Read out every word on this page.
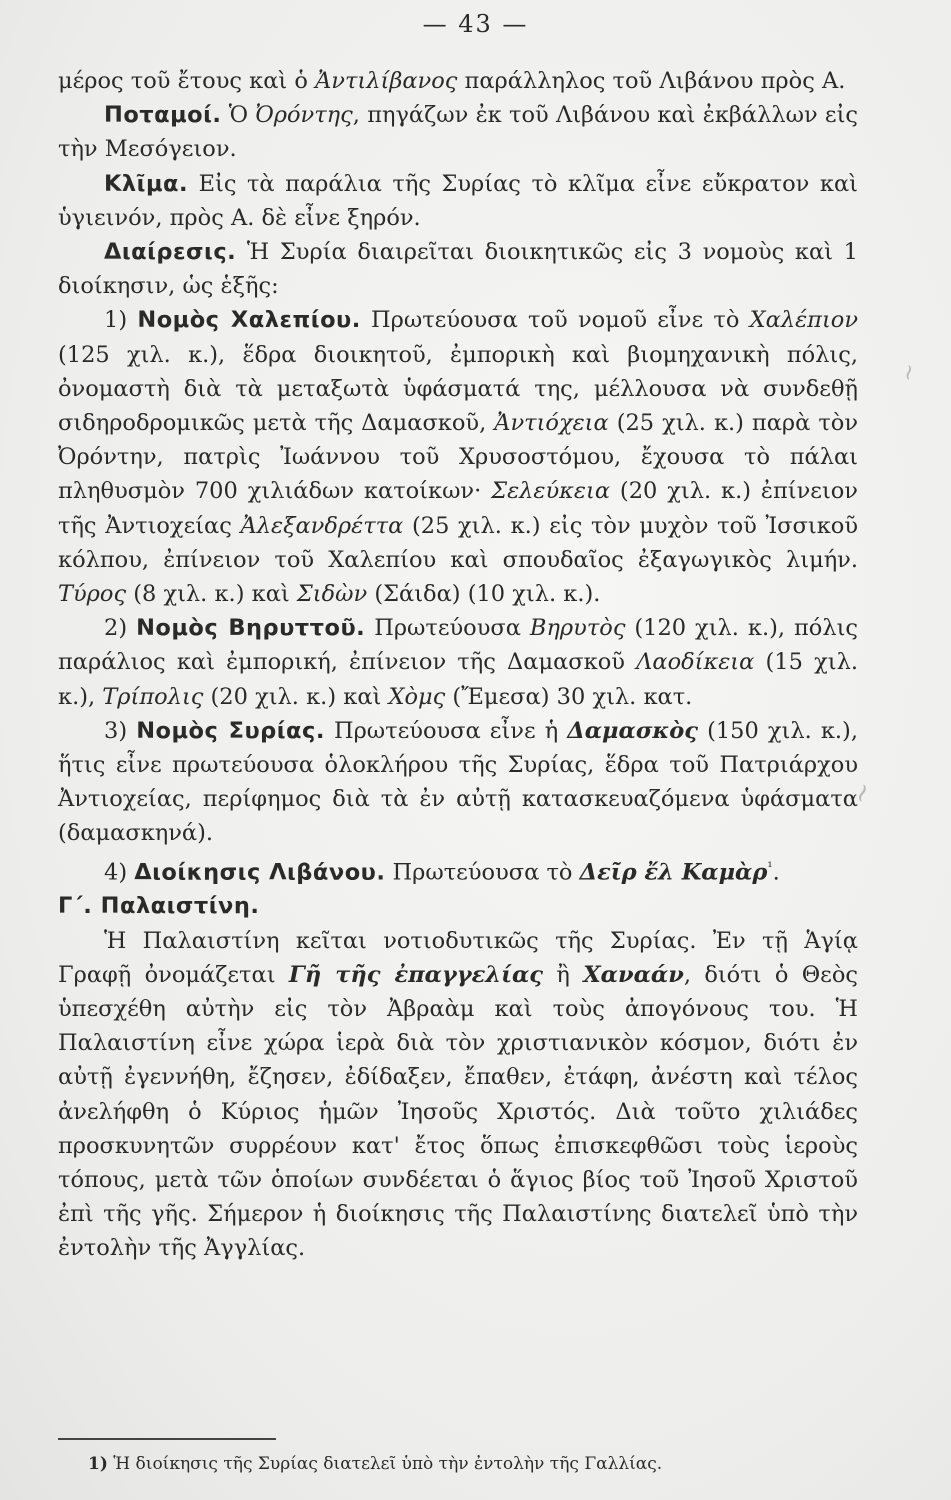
— 43 —

μέρος τοῦ ἔτους καὶ ὁ Ἀντιλίβανος παράλληλος τοῦ Λιβάνου πρὸς Α.

Ποταμοί. Ὁ Ὀρόντης, πηγάζων ἐκ τοῦ Λιβάνου καὶ ἐκβάλλων εἰς τὴν Μεσόγειον.

Κλῖμα. Εἰς τὰ παράλια τῆς Συρίας τὸ κλῖμα εἶνε εὔκρατον καὶ ὑγιεινόν, πρὸς Α. δὲ εἶνε ξηρόν.

Διαίρεσις. Ἡ Συρία διαιρεῖται διοικητικῶς εἰς 3 νομοὺς καὶ 1 διοίκησιν, ὡς ἑξῆς:

1) Νομὸς Χαλεπίου. Πρωτεύουσα τοῦ νομοῦ εἶνε τὸ Χαλέπιον (125 χιλ. κ.), ἕδρα διοικητοῦ, ἐμπορικὴ καὶ βιομηχανικὴ πόλις, ὀνομαστὴ διὰ τὰ μεταξωτὰ ὑφάσματά της, μέλλουσα νὰ συνδεθῇ σιδηροδρομικῶς μετὰ τῆς Δαμασκοῦ, Ἀντιόχεια (25 χιλ. κ.) παρὰ τὸν Ὀρόντην, πατρὶς Ἰωάννου τοῦ Χρυσοστόμου, ἔχουσα τὸ πάλαι πληθυσμὸν 700 χιλιάδων κατοίκων· Σελεύκεια (20 χιλ. κ.) ἐπίνειον τῆς Ἀντιοχείας Ἀλεξανδρέττα (25 χιλ. κ.) εἰς τὸν μυχὸν τοῦ Ἰσσικοῦ κόλπου, ἐπίνειον τοῦ Χαλεπίου καὶ σπουδαῖος ἐξαγωγικὸς λιμήν. Τύρος (8 χιλ. κ.) καὶ Σιδὼν (Σάιδα) (10 χιλ. κ.).

2) Νομὸς Βηρυττοῦ. Πρωτεύουσα Βηρυτὸς (120 χιλ. κ.), πόλις παράλιος καὶ ἐμπορική, ἐπίνειον τῆς Δαμασκοῦ Λαοδίκεια (15 χιλ. κ.), Τρίπολις (20 χιλ. κ.) καὶ Χὸμς (Ἔμεσα) 30 χιλ. κατ.

3) Νομὸς Συρίας. Πρωτεύουσα εἶνε ἡ Δαμασκὸς (150 χιλ. κ.), ἥτις εἶνε πρωτεύουσα ὁλοκλήρου τῆς Συρίας, ἕδρα τοῦ Πατριάρχου Ἀντιοχείας, περίφημος διὰ τὰ ἐν αὐτῇ κατασκευαζόμενα ὑφάσματα (δαμασκηνά).

4) Διοίκησις Λιβάνου. Πρωτεύουσα τὸ Δεῖρ ἔλ Καμὰρ$^{^1}$.

Γ΄. Παλαιστίνη.

Ἡ Παλαιστίνη κεῖται νοτιοδυτικῶς τῆς Συρίας. Ἐν τῇ Ἁγίᾳ Γραφῇ ὀνομάζεται Γῆ τῆς ἐπαγγελίας ἢ Χαναάν, διότι ὁ Θεὸς ὑπεσχέθη αὐτὴν εἰς τὸν Ἀβραὰμ καὶ τοὺς ἀπογόνους του. Ἡ Παλαιστίνη εἶνε χώρα ἱερὰ διὰ τὸν χριστιανικὸν κόσμον, διότι ἐν αὐτῇ ἐγεννήθη, ἔζησεν, ἐδίδαξεν, ἔπαθεν, ἐτάφη, ἀνέστη καὶ τέλος ἀνελήφθη ὁ Κύριος ἡμῶν Ἰησοῦς Χριστός. Διὰ τοῦτο χιλιάδες προσκυνητῶν συρρέουν κατ' ἔτος ὅπως ἐπισκεφθῶσι τοὺς ἱεροὺς τόπους, μετὰ τῶν ὁποίων συνδέεται ὁ ἅγιος βίος τοῦ Ἰησοῦ Χριστοῦ ἐπὶ τῆς γῆς. Σήμερον ἡ διοίκησις τῆς Παλαιστίνης διατελεῖ ὑπὸ τὴν ἐντολὴν τῆς Ἀγγλίας.

1) Ἡ διοίκησις τῆς Συρίας διατελεῖ ὑπὸ τὴν ἐντολὴν τῆς Γαλλίας.
~
~
